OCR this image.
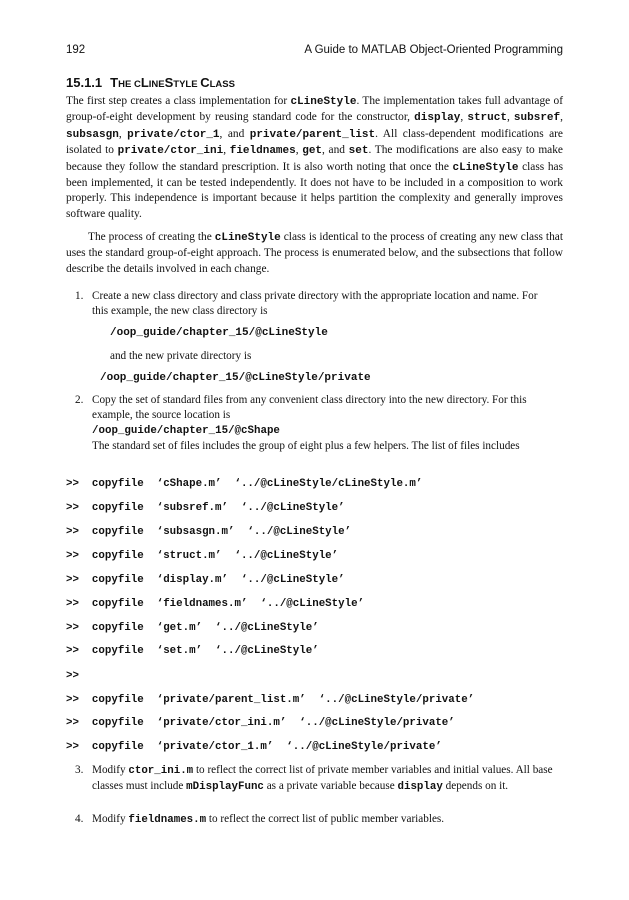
192	A Guide to MATLAB Object-Oriented Programming
15.1.1 THE CLINESTYLE CLASS

The first step creates a class implementation for cLineStyle. The implementation takes full advantage of group-of-eight development by reusing standard code for the constructor, display, struct, subsref, subsasgn, private/ctor_1, and private/parent_list. All class-dependent modifications are isolated to private/ctor_ini, fieldnames, get, and set. The modifications are also easy to make because they follow the standard prescription. It is also worth noting that once the cLineStyle class has been implemented, it can be tested independently. It does not have to be included in a composition to work properly. This independence is important because it helps partition the complexity and generally improves software quality.

The process of creating the cLineStyle class is identical to the process of creating any new class that uses the standard group-of-eight approach. The process is enumerated below, and the subsections that follow describe the details involved in each change.

1. Create a new class directory and class private directory with the appropriate location and name. For this example, the new class directory is
/oop_guide/chapter_15/@cLineStyle
and the new private directory is
/oop_guide/chapter_15/@cLineStyle/private
2. Copy the set of standard files from any convenient class directory into the new directory. For this example, the source location is
/oop_guide/chapter_15/@cShape
The standard set of files includes the group of eight plus a few helpers. The list of files includes
>>  copyfile  ‘cShape.m’  ‘../@cLineStyle/cLineStyle.m’
>>  copyfile  ‘subsref.m’  ‘../@cLineStyle’
>>  copyfile  ‘subsasgn.m’  ‘../@cLineStyle’
>>  copyfile  ‘struct.m’  ‘../@cLineStyle’
>>  copyfile  ‘display.m’  ‘../@cLineStyle’
>>  copyfile  ‘fieldnames.m’  ‘../@cLineStyle’
>>  copyfile  ‘get.m’  ‘../@cLineStyle’
>>  copyfile  ‘set.m’  ‘../@cLineStyle’
>>
>>  copyfile  ‘private/parent_list.m’  ‘../@cLineStyle/private’
>>  copyfile  ‘private/ctor_ini.m’  ‘../@cLineStyle/private’
>>  copyfile  ‘private/ctor_1.m’  ‘../@cLineStyle/private’
3. Modify ctor_ini.m to reflect the correct list of private member variables and initial values. All base classes must include mDisplayFunc as a private variable because display depends on it.
4. Modify fieldnames.m to reflect the correct list of public member variables.
